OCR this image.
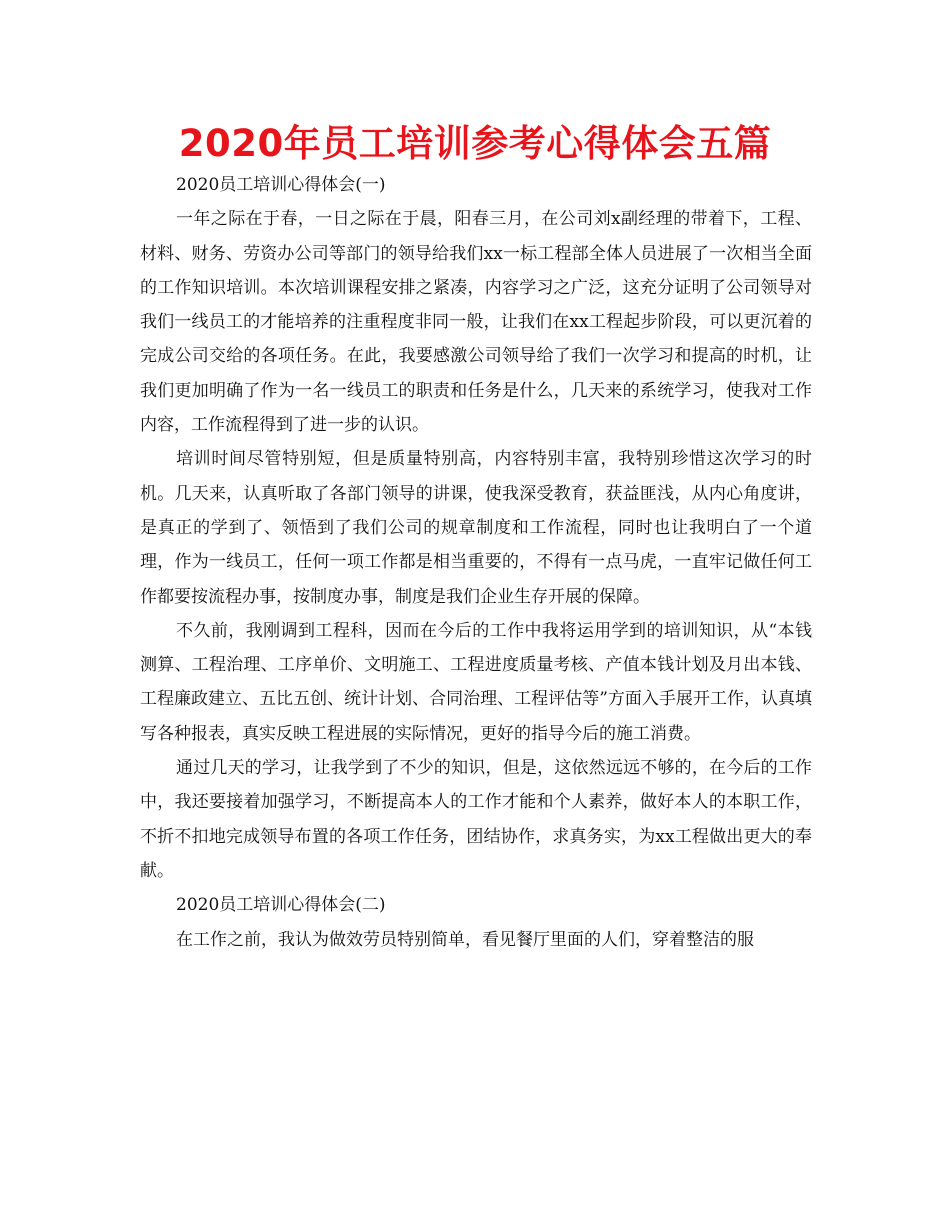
2020年员工培训参考心得体会五篇

2020员工培训心得体会(一)

一年之际在于春，一日之际在于晨，阳春三月，在公司刘x副经理的带着下，工程、材料、财务、劳资办公司等部门的领导给我们xx一标工程部全体人员进展了一次相当全面的工作知识培训。本次培训课程安排之紧凑，内容学习之广泛，这充分证明了公司领导对我们一线员工的才能培养的注重程度非同一般，让我们在xx工程起步阶段，可以更沉着的完成公司交给的各项任务。在此，我要感激公司领导给了我们一次学习和提高的时机，让我们更加明确了作为一名一线员工的职责和任务是什么，几天来的系统学习，使我对工作内容，工作流程得到了进一步的认识。

培训时间尽管特别短，但是质量特别高，内容特别丰富，我特别珍惜这次学习的时机。几天来，认真听取了各部门领导的讲课，使我深受教育，获益匪浅，从内心角度讲，是真正的学到了、领悟到了我们公司的规章制度和工作流程，同时也让我明白了一个道理，作为一线员工，任何一项工作都是相当重要的，不得有一点马虎，一直牢记做任何工作都要按流程办事，按制度办事，制度是我们企业生存开展的保障。

不久前，我刚调到工程科，因而在今后的工作中我将运用学到的培训知识，从“本钱测算、工程治理、工序单价、文明施工、工程进度质量考核、产值本钱计划及月出本钱、工程廉政建立、五比五创、统计计划、合同治理、工程评估等”方面入手展开工作，认真填写各种报表，真实反映工程进展的实际情况，更好的指导今后的施工消费。

通过几天的学习，让我学到了不少的知识，但是，这依然远远不够的，在今后的工作中，我还要接着加强学习，不断提高本人的工作才能和个人素养，做好本人的本职工作，不折不扣地完成领导布置的各项工作任务，团结协作，求真务实，为xx工程做出更大的奉献。

2020员工培训心得体会(二)

在工作之前，我认为做效劳员特别简单，看见餐厅里面的人们，穿着整洁的服
